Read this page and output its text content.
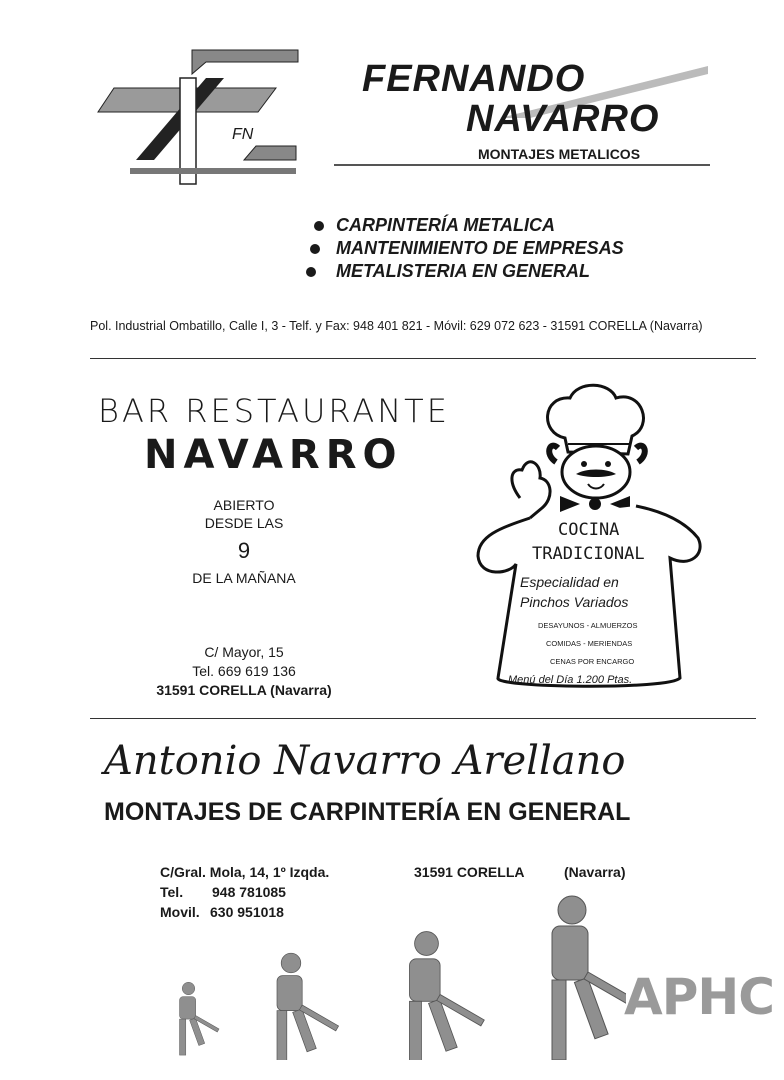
FN
FERNANDO
NAVARRO
MONTAJES METALICOS
CARPINTERÍA METALICA
MANTENIMIENTO DE EMPRESAS
METALISTERIA EN GENERAL
Pol. Industrial Ombatillo, Calle I, 3 - Telf. y Fax: 948 401 821 - Móvil: 629 072 623 - 31591 CORELLA (Navarra)
BAR RESTAURANTE
NAVARRO
ABIERTO
DESDE LAS
9
DE LA MAÑANA
C/ Mayor, 15
Tel. 669 619 136
31591 CORELLA (Navarra)
COCINA
TRADICIONAL
Especialidad en
Pinchos Variados
DESAYUNOS - ALMUERZOS
COMIDAS - MERIENDAS
CENAS POR ENCARGO
Menú del Día 1.200 Ptas.
Antonio Navarro Arellano
MONTAJES DE CARPINTERÍA EN GENERAL
C/Gral. Mola, 14, 1º Izqda.	31591 CORELLA	(Navarra)
Tel. 948 781085
Movil. 630 951018
APHC
